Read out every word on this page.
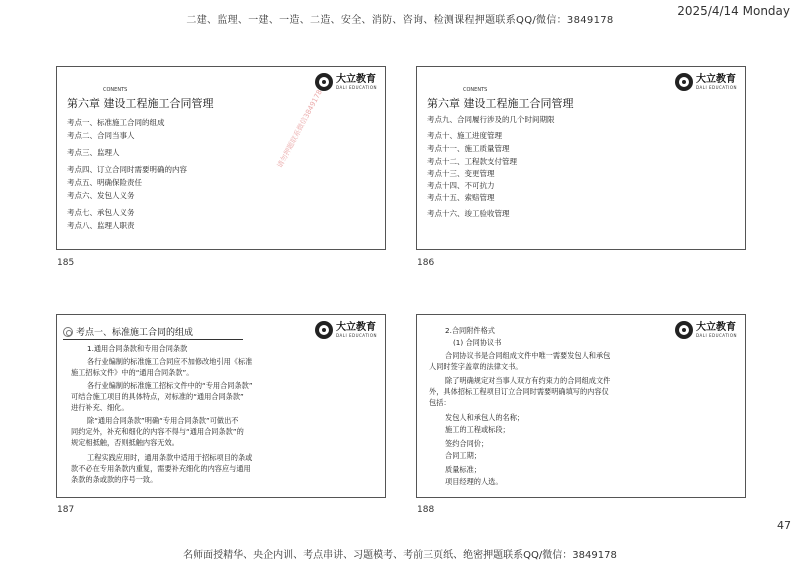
二建、监理、一建、一造、二造、安全、消防、咨询、检测课程押题联系QQ/微信：3849178
2025/4/14 Monday
大立教育
DALI EDUCATION
CONENTS
第六章 建设工程施工合同管理
考点一、标准施工合同的组成
考点二、合同当事人
考点三、监理人
考点四、订立合同时需要明确的内容
考点五、明确保险责任
考点六、发包人义务
考点七、承包人义务
考点八、监理人职责
请勿押题联系微信3849178
185
大立教育
DALI EDUCATION
CONENTS
第六章 建设工程施工合同管理
考点九、合同履行涉及的几个时间期限
考点十、施工进度管理
考点十一、施工质量管理
考点十二、工程款支付管理
考点十三、变更管理
考点十四、不可抗力
考点十五、索赔管理
考点十六、竣工验收管理
186
大立教育
DALI EDUCATION
考点一、标准施工合同的组成
1.通用合同条款和专用合同条款
各行业编制的标准施工合同应不加修改地引用《标准
施工招标文件》中的“通用合同条款”。
各行业编制的标准施工招标文件中的“专用合同条款”
可结合施工项目的具体特点，对标准的“通用合同条款”
进行补充、细化。
除“通用合同条款”明确“专用合同条款”可做出不
同约定外，补充和细化的内容不得与“通用合同条款”的
规定相抵触，否则抵触内容无效。
工程实践应用时，通用条款中适用于招标项目的条或
款不必在专用条款内重复，需要补充细化的内容应与通用
条款的条或款的序号一致。
187
大立教育
DALI EDUCATION
2.合同附件格式
(1) 合同协议书
合同协议书是合同组成文件中唯一需要发包人和承包
人同时签字盖章的法律文书。
除了明确规定对当事人双方有约束力的合同组成文件
外，具体招标工程项目订立合同时需要明确填写的内容仅
包括：
发包人和承包人的名称；
施工的工程或标段；
签约合同价；
合同工期；
质量标准；
项目经理的人选。
188
47
名师面授精华、央企内训、考点串讲、习题模考、考前三页纸、绝密押题联系QQ/微信：3849178
